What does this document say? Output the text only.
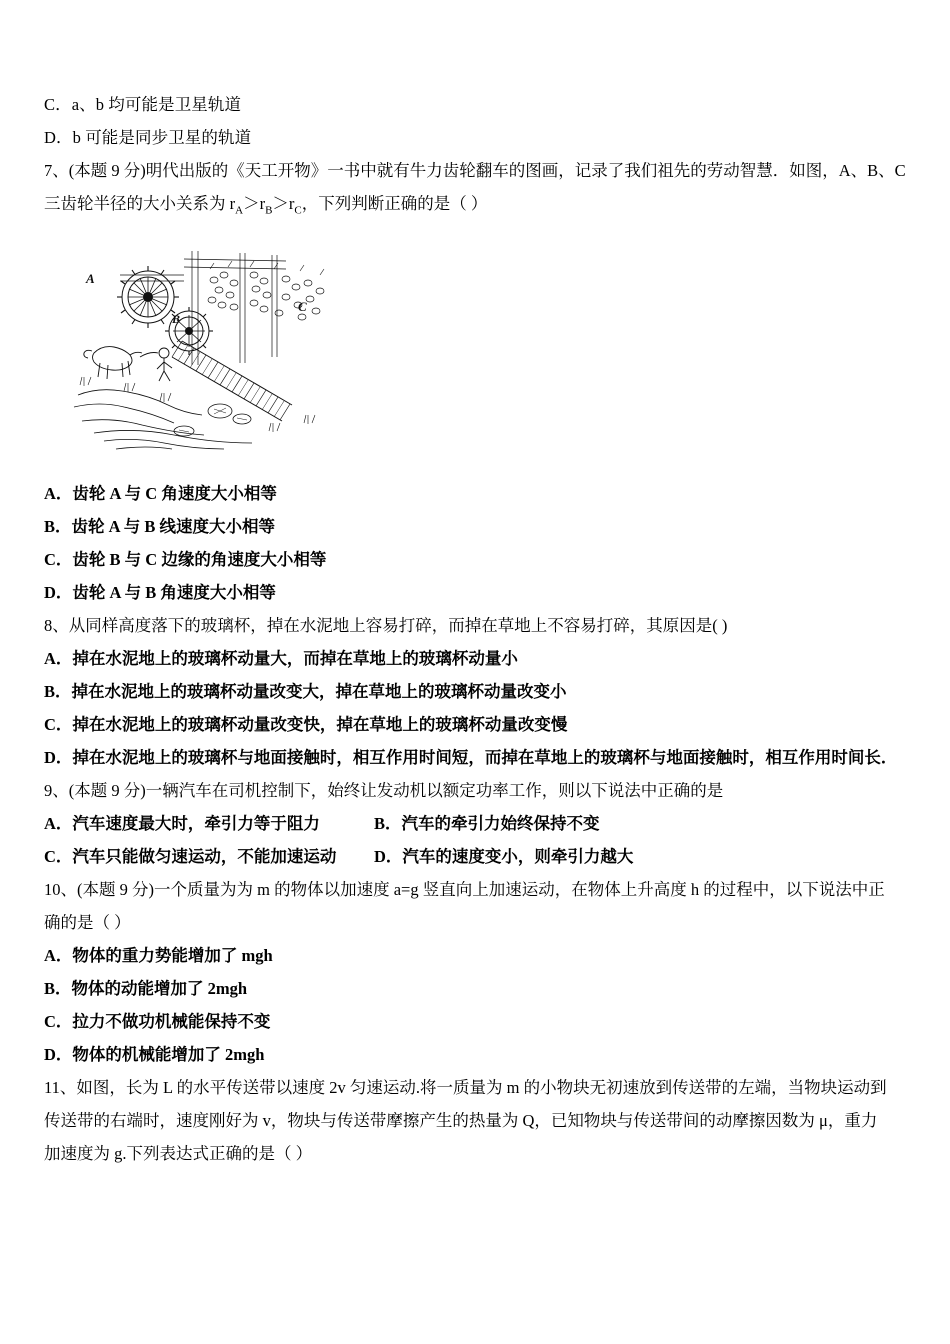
C．a、b 均可能是卫星轨道
D．b 可能是同步卫星的轨道
7、(本题 9 分)明代出版的《天工开物》一书中就有牛力齿轮翻车的图画，记录了我们祖先的劳动智慧．如图，A、B、C
三齿轮半径的大小关系为 $r_A>r_B>r_C$，下列判断正确的是（ ）
A
B
C
A．齿轮 A 与 C 角速度大小相等
B．齿轮 A 与 B 线速度大小相等
C．齿轮 B 与 C 边缘的角速度大小相等
D．齿轮 A 与 B 角速度大小相等
8、从同样高度落下的玻璃杯，掉在水泥地上容易打碎，而掉在草地上不容易打碎，其原因是( )
A．掉在水泥地上的玻璃杯动量大，而掉在草地上的玻璃杯动量小
B．掉在水泥地上的玻璃杯动量改变大，掉在草地上的玻璃杯动量改变小
C．掉在水泥地上的玻璃杯动量改变快，掉在草地上的玻璃杯动量改变慢
D．掉在水泥地上的玻璃杯与地面接触时，相互作用时间短，而掉在草地上的玻璃杯与地面接触时，相互作用时间长．
9、(本题 9 分)一辆汽车在司机控制下，始终让发动机以额定功率工作，则以下说法中正确的是
A．汽车速度最大时，牵引力等于阻力	B．汽车的牵引力始终保持不变
C．汽车只能做匀速运动，不能加速运动	D．汽车的速度变小，则牵引力越大
10、(本题 9 分)一个质量为为 m 的物体以加速度 a=g 竖直向上加速运动，在物体上升高度 h 的过程中，以下说法中正
确的是（ ）
A．物体的重力势能增加了 mgh
B．物体的动能增加了 2mgh
C．拉力不做功机械能保持不变
D．物体的机械能增加了 2mgh
11、如图，长为 L 的水平传送带以速度 2v 匀速运动.将一质量为 m 的小物块无初速放到传送带的左端，当物块运动到
传送带的右端时，速度刚好为 v，物块与传送带摩擦产生的热量为 Q，已知物块与传送带间的动摩擦因数为 μ，重力
加速度为 g.下列表达式正确的是（ ）
